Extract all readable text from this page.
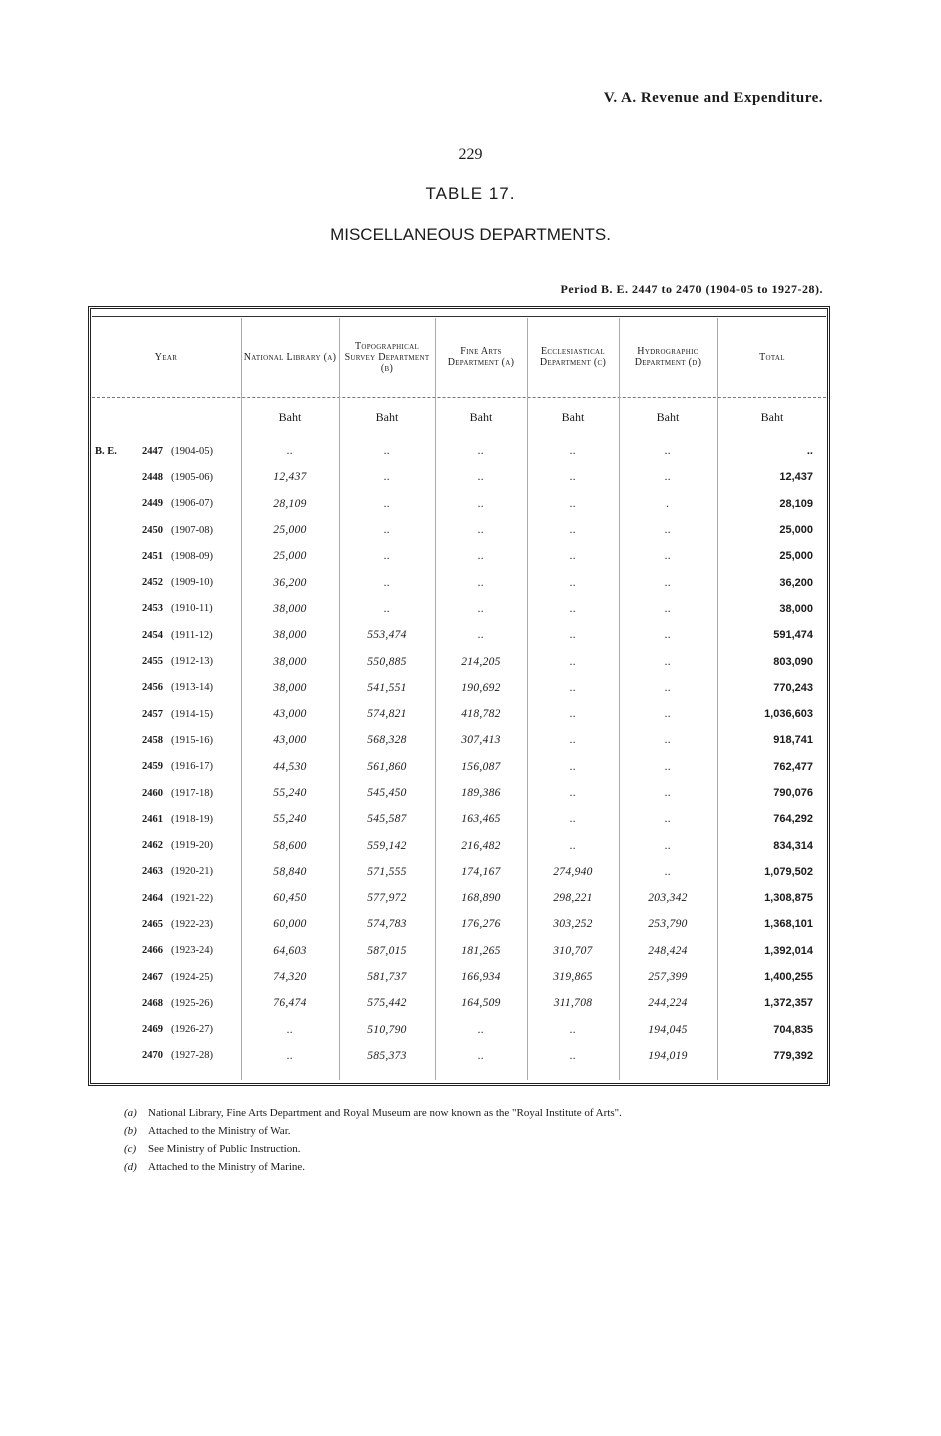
V. A. Revenue and Expenditure.
229
TABLE 17.
MISCELLANEOUS DEPARTMENTS.
Period B. E. 2447 to 2470 (1904-05 to 1927-28).
Year	National Library (a)	Topographical Survey Department (b)	Fine Arts Department (a)	Ecclesiastical Department (c)	Hydrographic Department (d)	Total
	Baht	Baht	Baht	Baht	Baht	Baht
B. E. 2447 (1904-05)	..	..	..	..	..	..
2448 (1905-06)	12,437	..	..	..	..	12,437
2449 (1906-07)	28,109	..	..	..	.	28,109
2450 (1907-08)	25,000	..	..	..	..	25,000
2451 (1908-09)	25,000	..	..	..	..	25,000
2452 (1909-10)	36,200	..	..	..	..	36,200
2453 (1910-11)	38,000	..	..	..	..	38,000
2454 (1911-12)	38,000	553,474	..	..	..	591,474
2455 (1912-13)	38,000	550,885	214,205	..	..	803,090
2456 (1913-14)	38,000	541,551	190,692	..	..	770,243
2457 (1914-15)	43,000	574,821	418,782	..	..	1,036,603
2458 (1915-16)	43,000	568,328	307,413	..	..	918,741
2459 (1916-17)	44,530	561,860	156,087	..	..	762,477
2460 (1917-18)	55,240	545,450	189,386	..	..	790,076
2461 (1918-19)	55,240	545,587	163,465	..	..	764,292
2462 (1919-20)	58,600	559,142	216,482	..	..	834,314
2463 (1920-21)	58,840	571,555	174,167	274,940	..	1,079,502
2464 (1921-22)	60,450	577,972	168,890	298,221	203,342	1,308,875
2465 (1922-23)	60,000	574,783	176,276	303,252	253,790	1,368,101
2466 (1923-24)	64,603	587,015	181,265	310,707	248,424	1,392,014
2467 (1924-25)	74,320	581,737	166,934	319,865	257,399	1,400,255
2468 (1925-26)	76,474	575,442	164,509	311,708	244,224	1,372,357
2469 (1926-27)	..	510,790	..	..	194,045	704,835
2470 (1927-28)	..	585,373	..	..	194,019	779,392
(a) National Library, Fine Arts Department and Royal Museum are now known as the "Royal Institute of Arts".
(b) Attached to the Ministry of War.
(c) See Ministry of Public Instruction.
(d) Attached to the Ministry of Marine.
